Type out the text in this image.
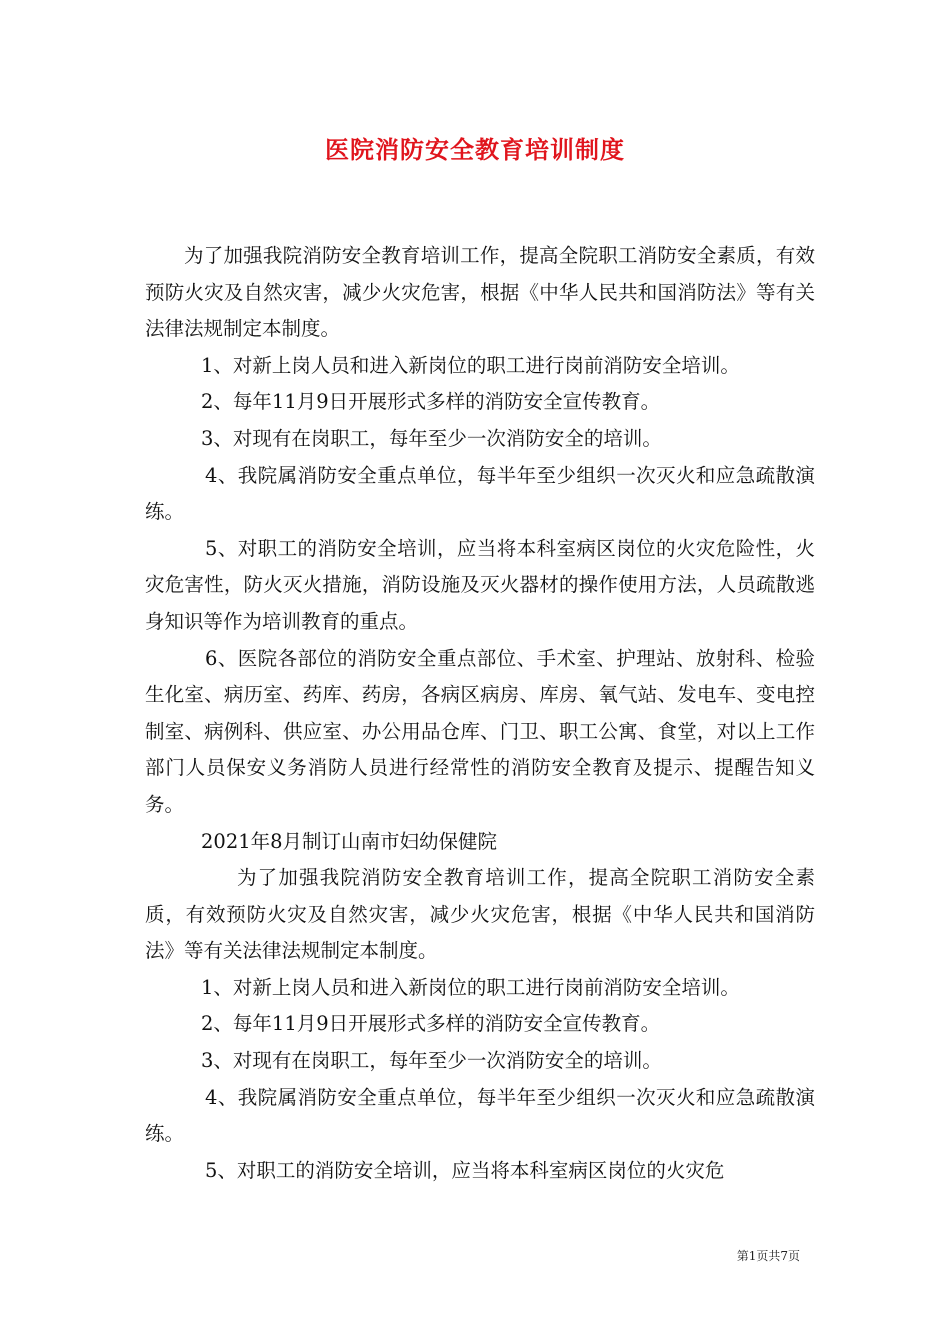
医院消防安全教育培训制度

为了加强我院消防安全教育培训工作，提高全院职工消防安全素质，有效预防火灾及自然灾害，减少火灾危害，根据《中华人民共和国消防法》等有关法律法规制定本制度。

1、对新上岗人员和进入新岗位的职工进行岗前消防安全培训。

2、每年11月9日开展形式多样的消防安全宣传教育。

3、对现有在岗职工，每年至少一次消防安全的培训。

4、我院属消防安全重点单位，每半年至少组织一次灭火和应急疏散演练。

5、对职工的消防安全培训，应当将本科室病区岗位的火灾危险性，火灾危害性，防火灭火措施，消防设施及灭火器材的操作使用方法，人员疏散逃身知识等作为培训教育的重点。

6、医院各部位的消防安全重点部位、手术室、护理站、放射科、检验生化室、病历室、药库、药房，各病区病房、库房、氧气站、发电车、变电控制室、病例科、供应室、办公用品仓库、门卫、职工公寓、食堂，对以上工作部门人员保安义务消防人员进行经常性的消防安全教育及提示、提醒告知义务。

2021年8月制订山南市妇幼保健院

为了加强我院消防安全教育培训工作，提高全院职工消防安全素质，有效预防火灾及自然灾害，减少火灾危害，根据《中华人民共和国消防法》等有关法律法规制定本制度。

1、对新上岗人员和进入新岗位的职工进行岗前消防安全培训。

2、每年11月9日开展形式多样的消防安全宣传教育。

3、对现有在岗职工，每年至少一次消防安全的培训。

4、我院属消防安全重点单位，每半年至少组织一次灭火和应急疏散演练。

5、对职工的消防安全培训，应当将本科室病区岗位的火灾危

第1页共7页
